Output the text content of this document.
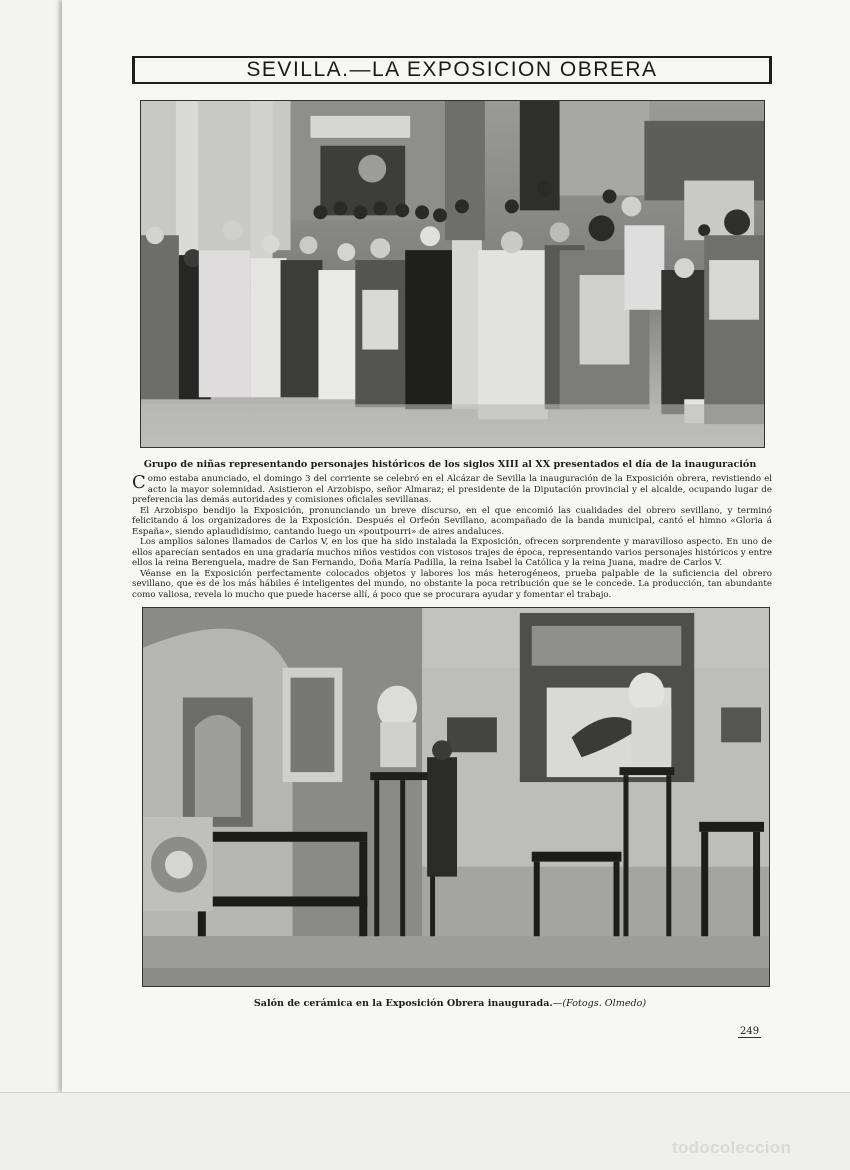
SEVILLA.—LA EXPOSICION OBRERA
Grupo de niñas representando personajes históricos de los siglos XIII al XX presentados el día de la inauguración

Como estaba anunciado, el domingo 3 del corriente se celebró en el Alcázar de Sevilla la inauguración de la Exposición obrera, revistiendo el acto la mayor solemnidad. Asistieron el Arzobispo, señor Almaraz; el presidente de la Diputación provincial y el alcalde, ocupando lugar de preferencia las demás autoridades y comisiones oficiales sevillanas.

El Arzobispo bendijo la Exposición, pronunciando un breve discurso, en el que encomió las cualidades del obrero sevillano, y terminó felicitando á los organizadores de la Exposición. Después el Orfeón Sevillano, acompañado de la banda municipal, cantó el himno «Gloria á España», siendo aplaudidísimo, cantando luego un «poutpourri» de aires andaluces.

Los amplios salones llamados de Carlos V, en los que ha sido instalada la Exposición, ofrecen sorprendente y maravilloso aspecto. En uno de ellos aparecían sentados en una gradaría muchos niños vestidos con vistosos trajes de época, representando varios personajes históricos y entre ellos la reina Berenguela, madre de San Fernando, Doña María Padilla, la reina Isabel la Católica y la reina Juana, madre de Carlos V.

Véanse en la Exposición perfectamente colocados objetos y labores los más heterogéneos, prueba palpable de la suficiencia del obrero sevillano, que es de los más hábiles é inteligentes del mundo, no obstante la poca retribución que se le concede. La producción, tan abundante como valiosa, revela lo mucho que puede hacerse allí, á poco que se procurara ayudar y fomentar el trabajo.

Salón de cerámica en la Exposición Obrera inaugurada.—(Fotogs. Olmedo)
249
todocoleccion
